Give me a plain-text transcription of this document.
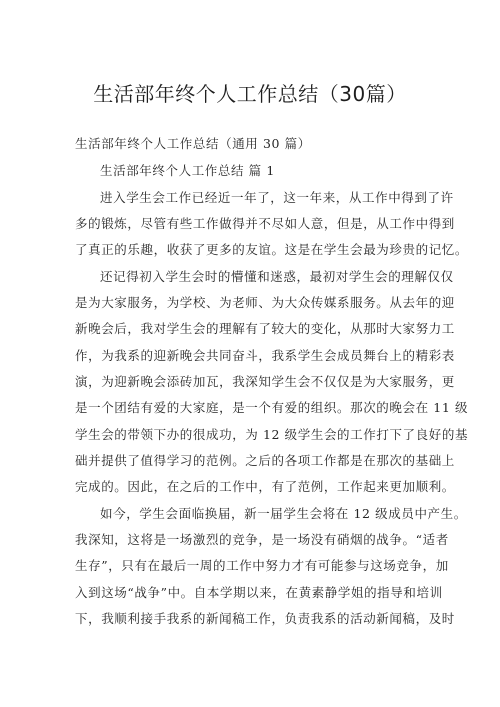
生活部年终个人工作总结（30篇）
生活部年终个人工作总结（通用 30 篇）
生活部年终个人工作总结 篇 1
进入学生会工作已经近一年了，这一年来，从工作中得到了许
多的锻炼，尽管有些工作做得并不尽如人意，但是，从工作中得到
了真正的乐趣，收获了更多的友谊。这是在学生会最为珍贵的记忆。
还记得初入学生会时的懵懂和迷惑，最初对学生会的理解仅仅
是为大家服务，为学校、为老师、为大众传媒系服务。从去年的迎
新晚会后，我对学生会的理解有了较大的变化，从那时大家努力工
作，为我系的迎新晚会共同奋斗，我系学生会成员舞台上的精彩表
演，为迎新晚会添砖加瓦，我深知学生会不仅仅是为大家服务，更
是一个团结有爱的大家庭，是一个有爱的组织。那次的晚会在 11 级
学生会的带领下办的很成功，为 12 级学生会的工作打下了良好的基
础并提供了值得学习的范例。之后的各项工作都是在那次的基础上
完成的。因此，在之后的工作中，有了范例，工作起来更加顺利。
如今，学生会面临换届，新一届学生会将在 12 级成员中产生。
我深知，这将是一场激烈的竞争，是一场没有硝烟的战争。“适者
生存”，只有在最后一周的工作中努力才有可能参与这场竞争，加
入到这场“战争”中。自本学期以来，在黄素静学姐的指导和培训
下，我顺利接手我系的新闻稿工作，负责我系的活动新闻稿，及时
